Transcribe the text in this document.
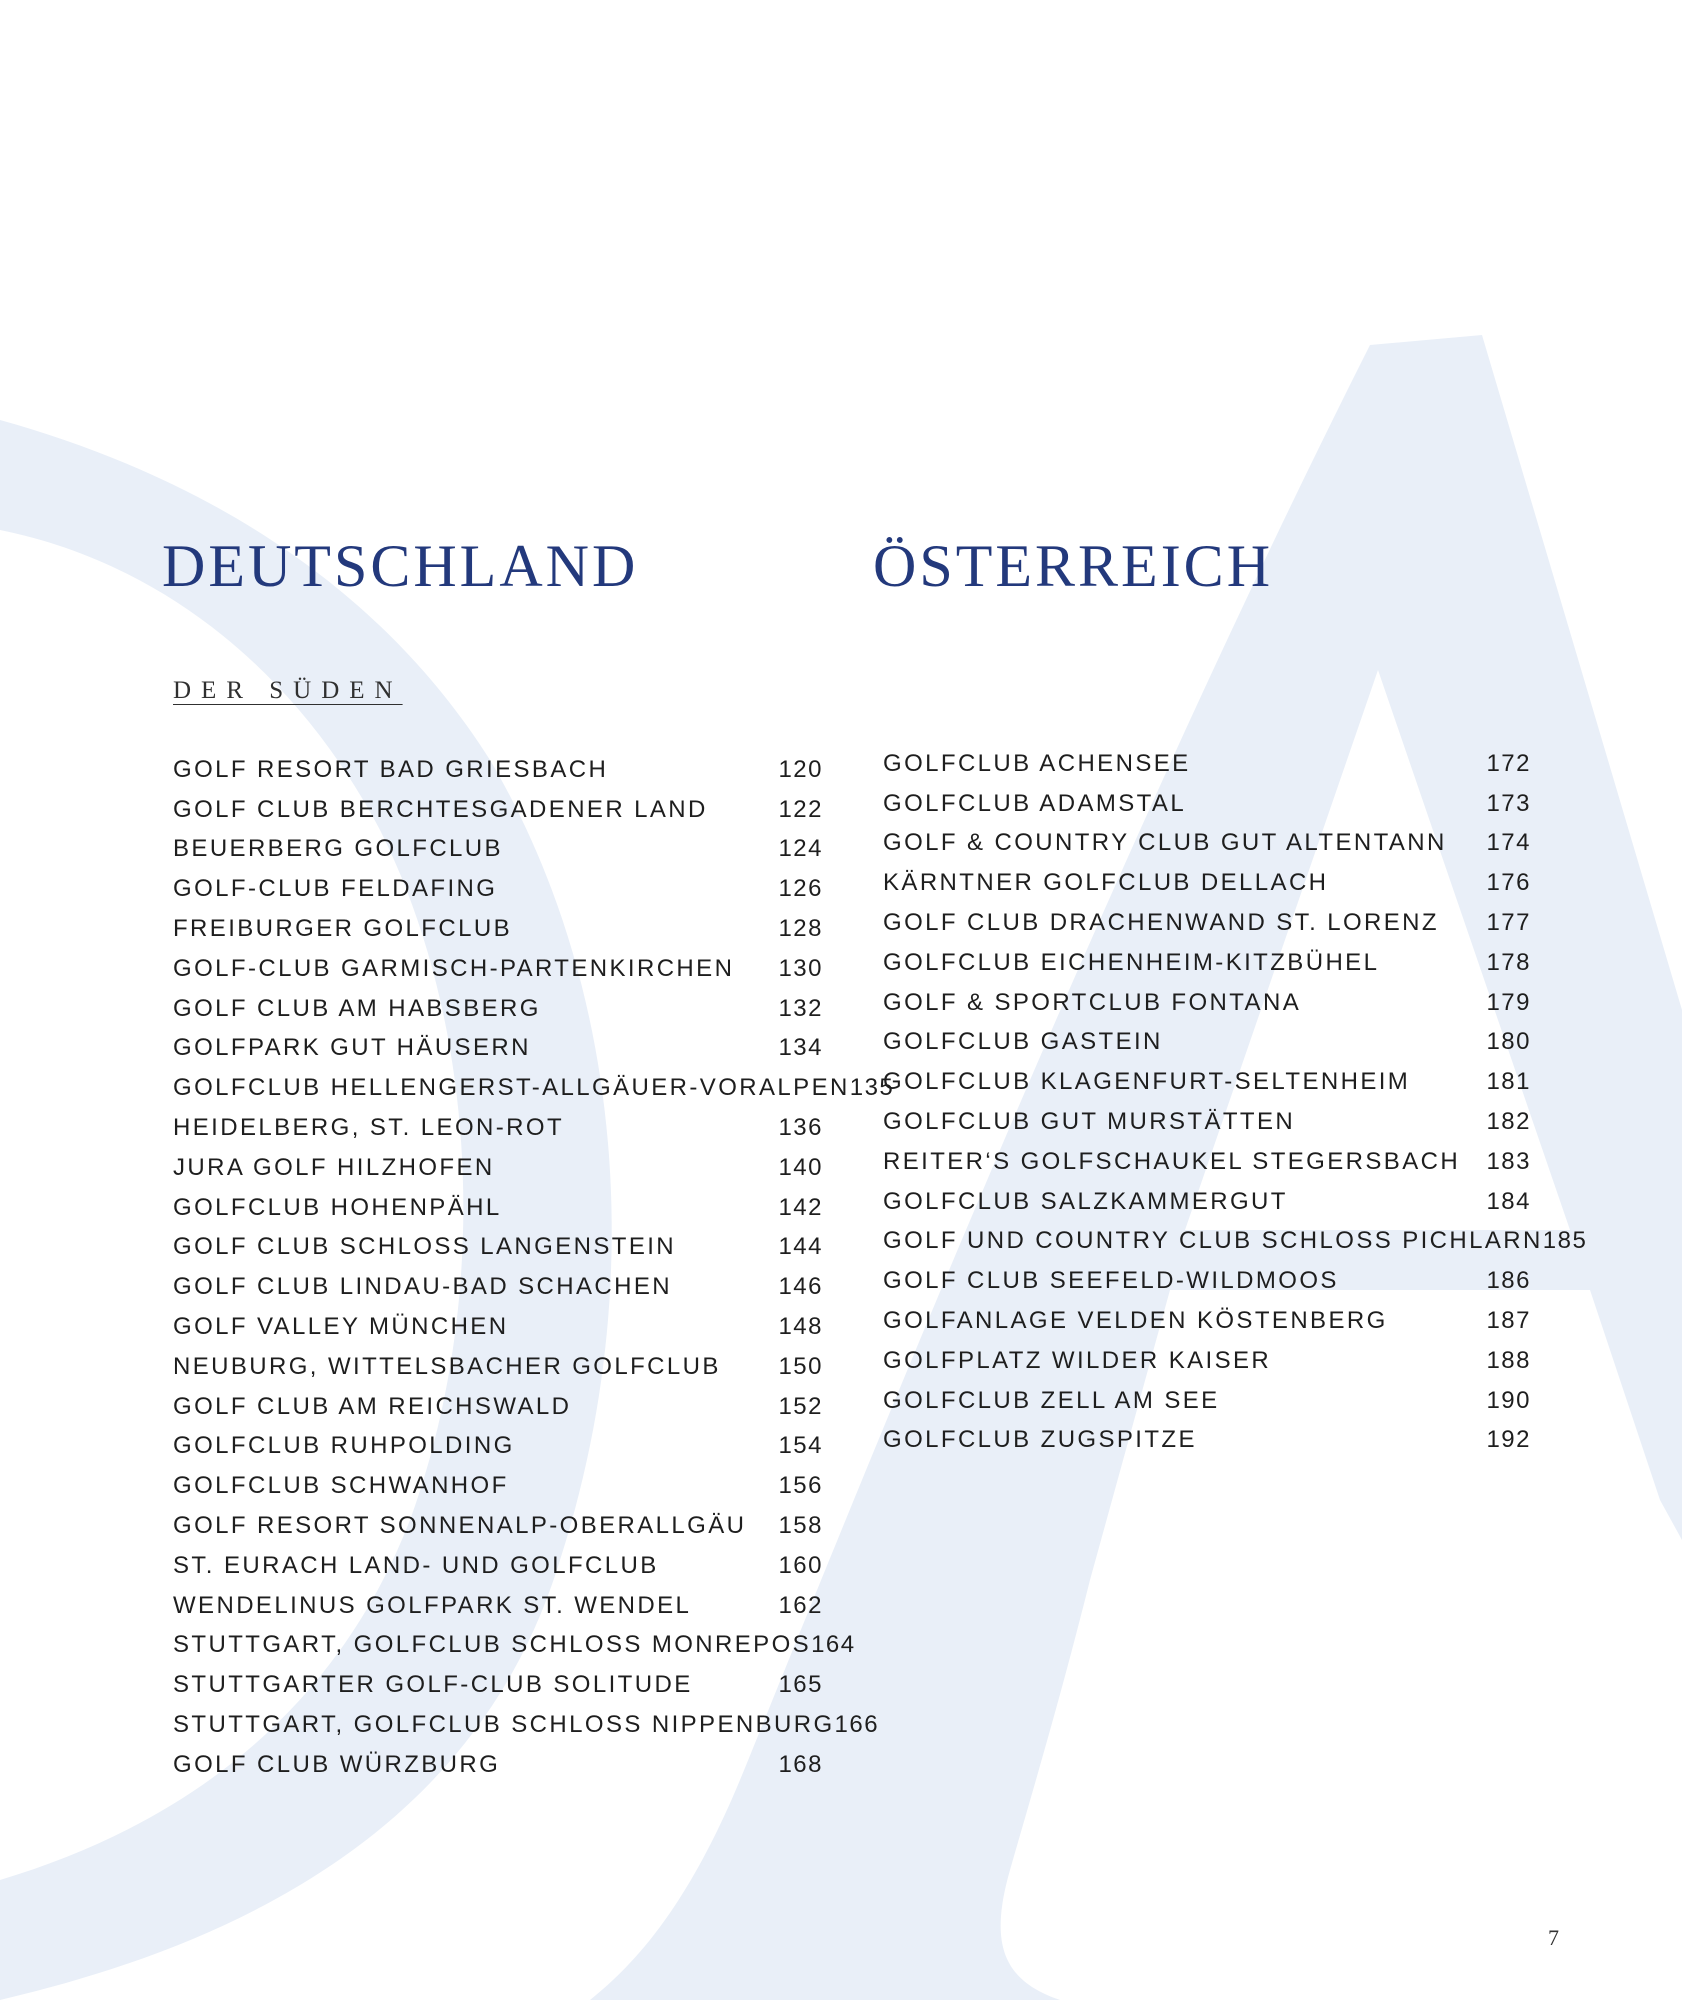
DEUTSCHLAND	ÖSTERREICH
DER SÜDEN
GOLF RESORT BAD GRIESBACH	120
GOLF CLUB BERCHTESGADENER LAND	122
BEUERBERG GOLFCLUB	124
GOLF-CLUB FELDAFING	126
FREIBURGER GOLFCLUB	128
GOLF-CLUB GARMISCH-PARTENKIRCHEN	130
GOLF CLUB AM HABSBERG	132
GOLFPARK GUT HÄUSERN	134
GOLFCLUB HELLENGERST-ALLGÄUER-VORALPEN 135
HEIDELBERG, ST. LEON-ROT	136
JURA GOLF HILZHOFEN	140
GOLFCLUB HOHENPÄHL	142
GOLF CLUB SCHLOSS LANGENSTEIN	144
GOLF CLUB LINDAU-BAD SCHACHEN	146
GOLF VALLEY MÜNCHEN	148
NEUBURG, WITTELSBACHER GOLFCLUB	150
GOLF CLUB AM REICHSWALD	152
GOLFCLUB RUHPOLDING	154
GOLFCLUB SCHWANHOF	156
GOLF RESORT SONNENALP-OBERALLGÄU	158
ST. EURACH LAND- UND GOLFCLUB	160
WENDELINUS GOLFPARK ST. WENDEL	162
STUTTGART, GOLFCLUB SCHLOSS MONREPOS 164
STUTTGARTER GOLF-CLUB SOLITUDE	165
STUTTGART, GOLFCLUB SCHLOSS NIPPENBURG 166
GOLF CLUB WÜRZBURG	168
GOLFCLUB ACHENSEE	172
GOLFCLUB ADAMSTAL	173
GOLF & COUNTRY CLUB GUT ALTENTANN	174
KÄRNTNER GOLFCLUB DELLACH	176
GOLF CLUB DRACHENWAND ST. LORENZ	177
GOLFCLUB EICHENHEIM-KITZBÜHEL	178
GOLF & SPORTCLUB FONTANA	179
GOLFCLUB GASTEIN	180
GOLFCLUB KLAGENFURT-SELTENHEIM	181
GOLFCLUB GUT MURSTÄTTEN	182
REITER‘S GOLFSCHAUKEL STEGERSBACH	183
GOLFCLUB SALZKAMMERGUT	184
GOLF UND COUNTRY CLUB SCHLOSS PICHLARN 185
GOLF CLUB SEEFELD-WILDMOOS	186
GOLFANLAGE VELDEN KÖSTENBERG	187
GOLFPLATZ WILDER KAISER	188
GOLFCLUB ZELL AM SEE	190
GOLFCLUB ZUGSPITZE	192
7
